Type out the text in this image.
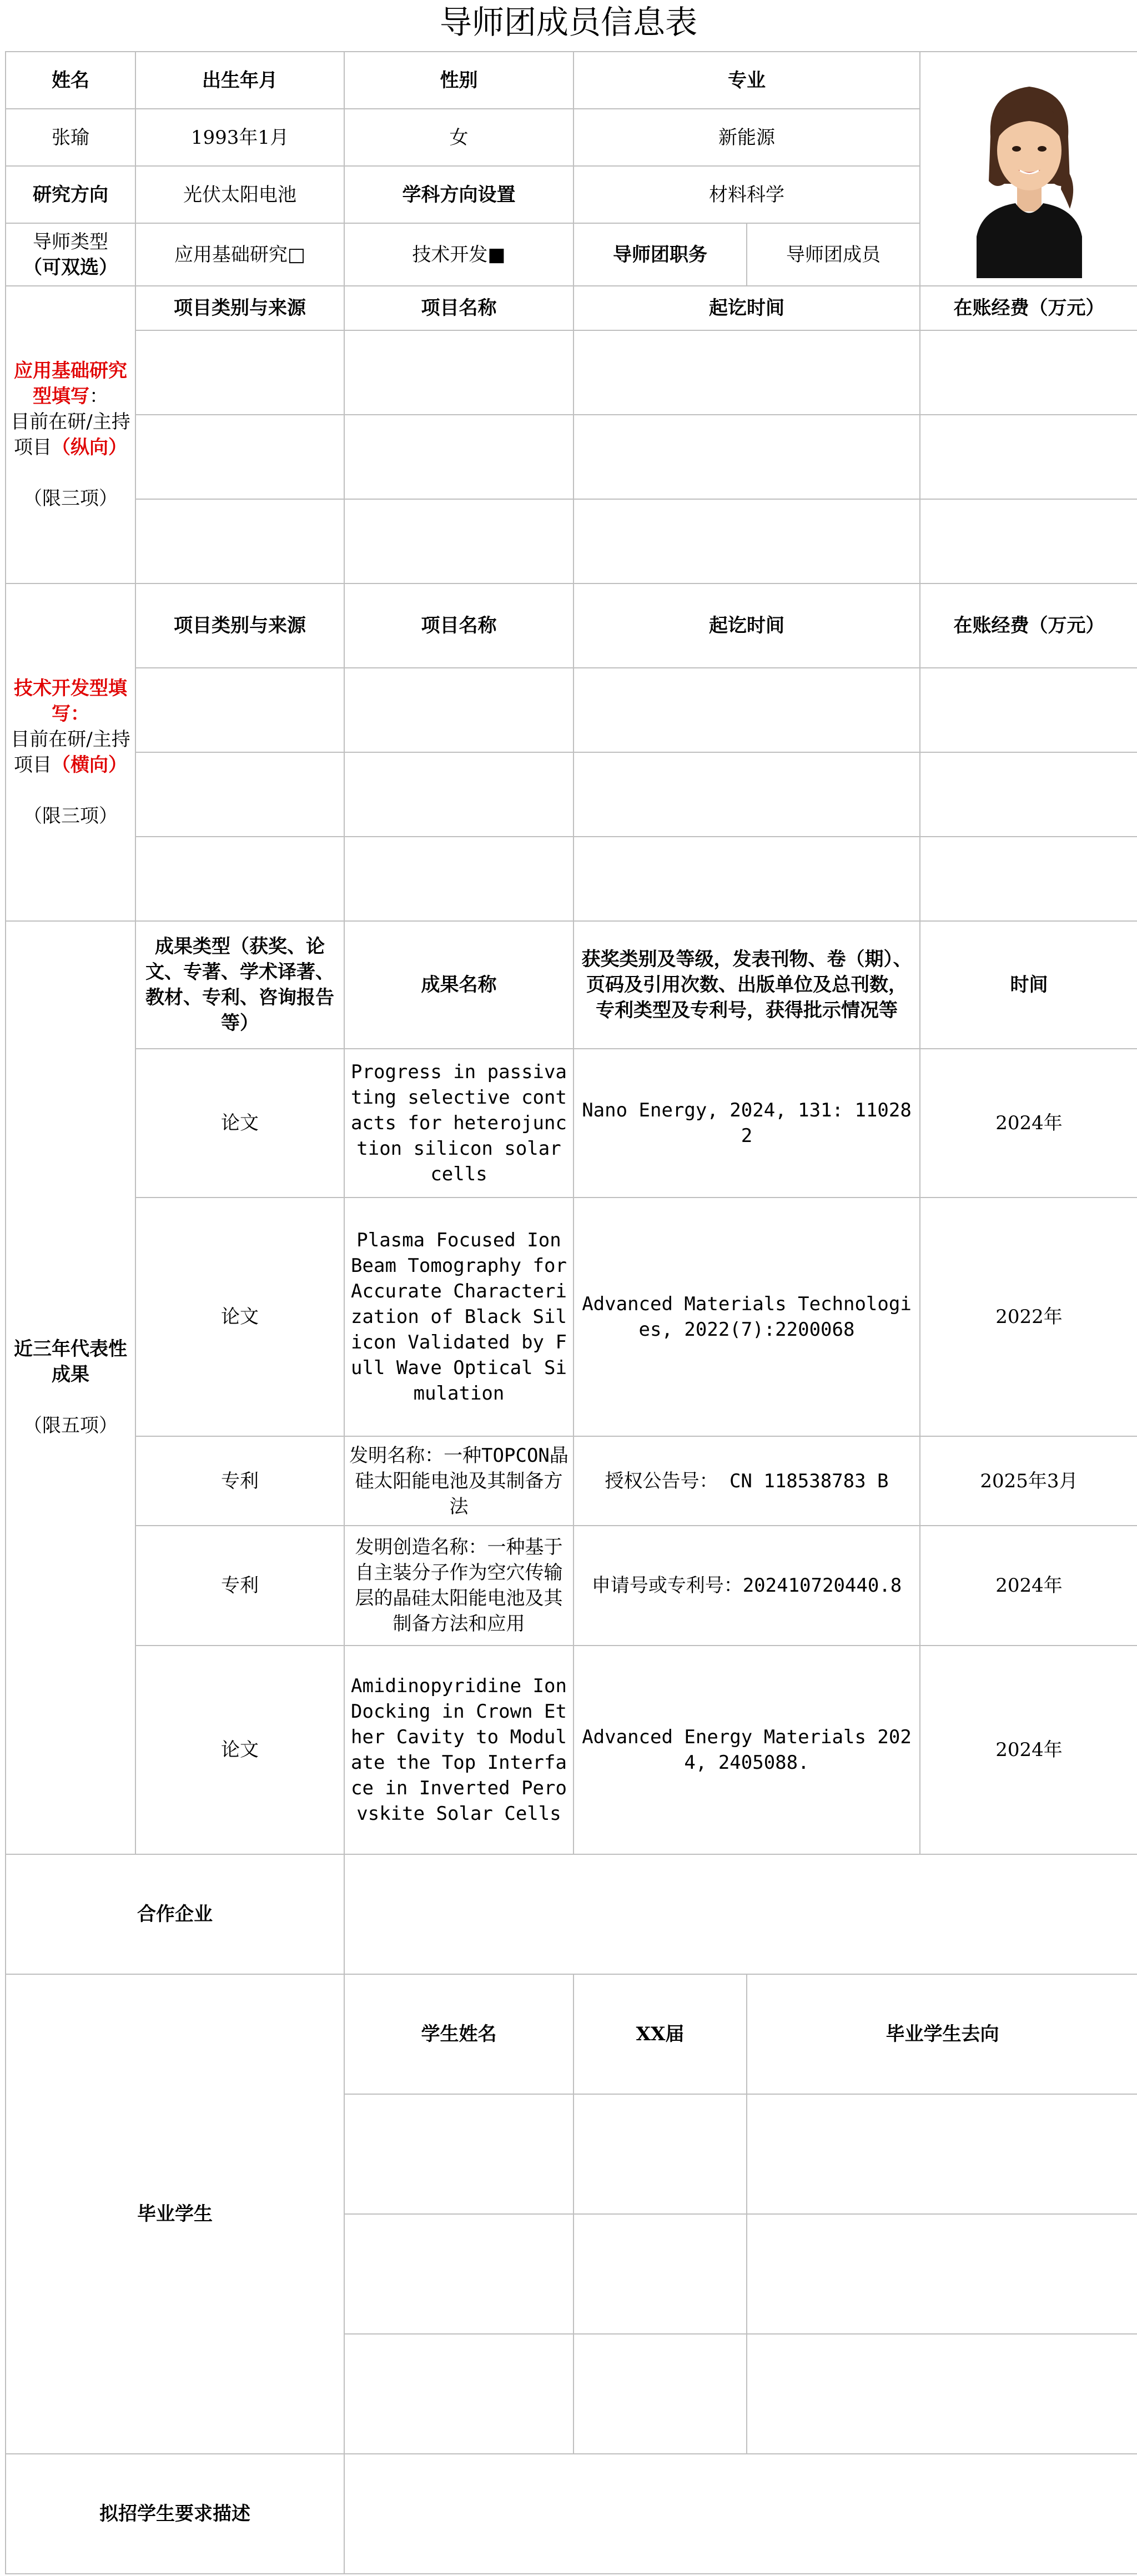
导师团成员信息表
姓名	出生年月	性别	专业	

张瑜	1993年1月	女	新能源		
研究方向	光伏太阳电池	学科方向设置	材料科学		
导师类型
（可双选）	应用基础研究□	技术开发■	导师团职务	导师团成员	
应用基础研究型填写：
目前在研/主持项目（纵向）
（限三项）	项目类别与来源	项目名称	起讫时间		在账经费（万元）

技术开发型填写：
目前在研/主持项目（横向）
（限三项）	项目类别与来源	项目名称	起讫时间		在账经费（万元）

近三年代表性成果
（限五项）	成果类型（获奖、论文、专著、学术译著、教材、专利、咨询报告等）	成果名称	获奖类别及等级，发表刊物、卷（期）、页码及引用次数、出版单位及总刊数，专利类型及专利号，获得批示情况等		时间
	论文	Progress in passivating selective contacts for heterojunction silicon solar cells	Nano Energy, 2024, 131: 110282		2024年
	论文	Plasma Focused Ion Beam Tomography for Accurate Characterization of Black Silicon Validated by Full Wave Optical Simulation	Advanced Materials Technologies, 2022(7):2200068		2022年
	专利	发明名称：一种TOPCON晶硅太阳能电池及其制备方法	授权公告号： CN 118538783 B		2025年3月
	专利	发明创造名称：一种基于自主装分子作为空穴传输层的晶硅太阳能电池及其制备方法和应用	申请号或专利号：202410720440.8		2024年
	论文	Amidinopyridine Ion Docking in Crown Ether Cavity to Modulate the Top Interface in Inverted Perovskite Solar Cells	Advanced Energy Materials 2024, 2405088.		2024年
合作企业					
毕业学生		学生姓名	XX届	毕业学生去向	

拟招学生要求描述					
